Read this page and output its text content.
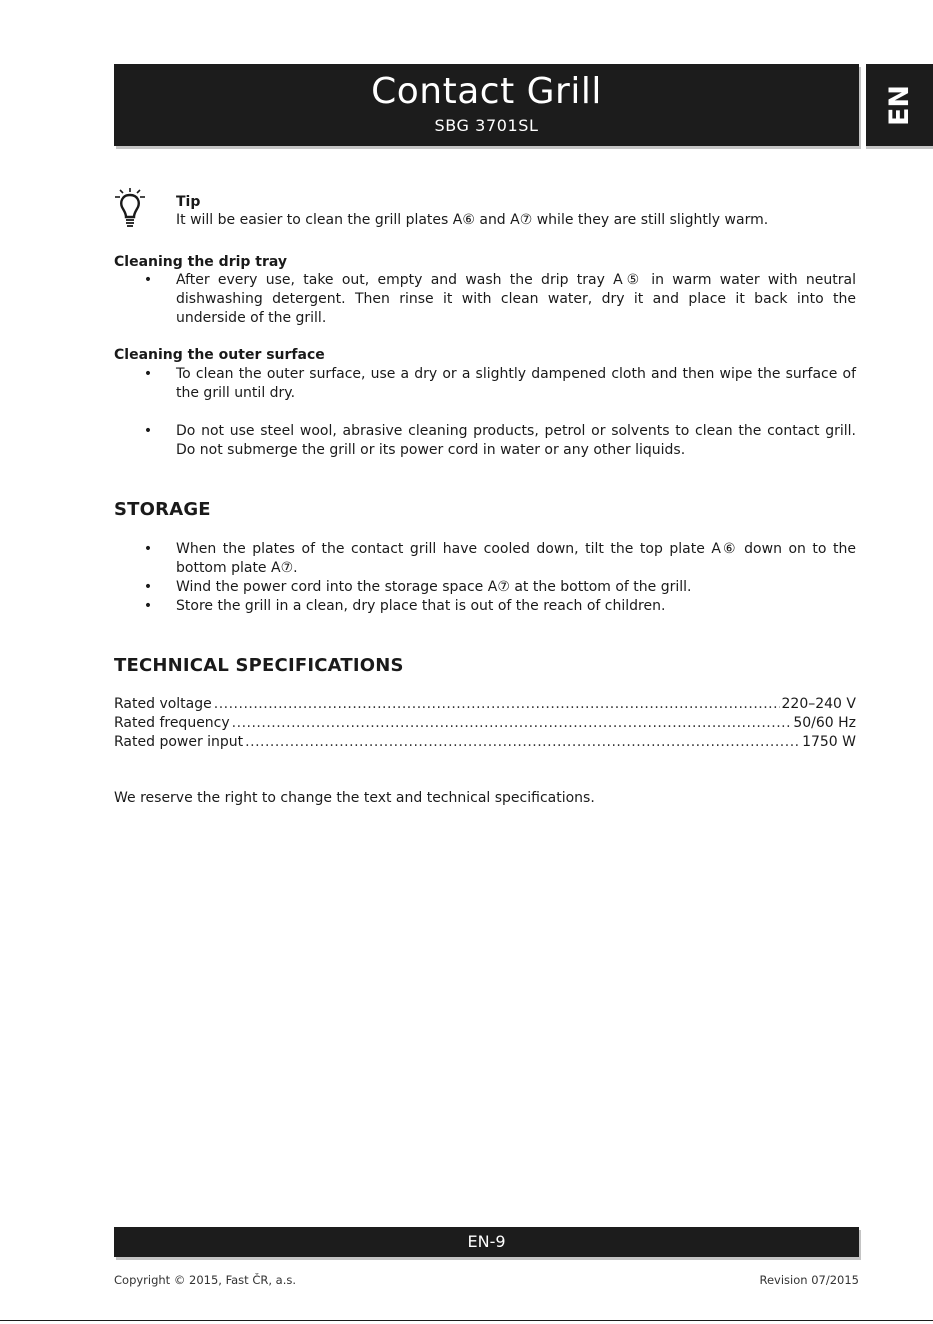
Contact Grill
SBG 3701SL	EN
Tip
It will be easier to clean the grill plates A⑥ and A⑦ while they are still slightly warm.
Cleaning the drip tray
• After every use, take out, empty and wash the drip tray A⑤ in warm water with neutral dishwashing detergent. Then rinse it with clean water, dry it and place it back into the underside of the grill.
Cleaning the outer surface
• To clean the outer surface, use a dry or a slightly dampened cloth and then wipe the surface of the grill until dry.
• Do not use steel wool, abrasive cleaning products, petrol or solvents to clean the contact grill. Do not submerge the grill or its power cord in water or any other liquids.
STORAGE
• When the plates of the contact grill have cooled down, tilt the top plate A⑥ down on to the bottom plate A⑦.
• Wind the power cord into the storage space A⑦ at the bottom of the grill.
• Store the grill in a clean, dry place that is out of the reach of children.
TECHNICAL SPECIFICATIONS
Rated voltage .....	220–240 V
Rated frequency .....	50/60 Hz
Rated power input .....	1750 W
We reserve the right to change the text and technical specifications.
EN-9
Copyright © 2015, Fast ČR, a.s.	Revision 07/2015
